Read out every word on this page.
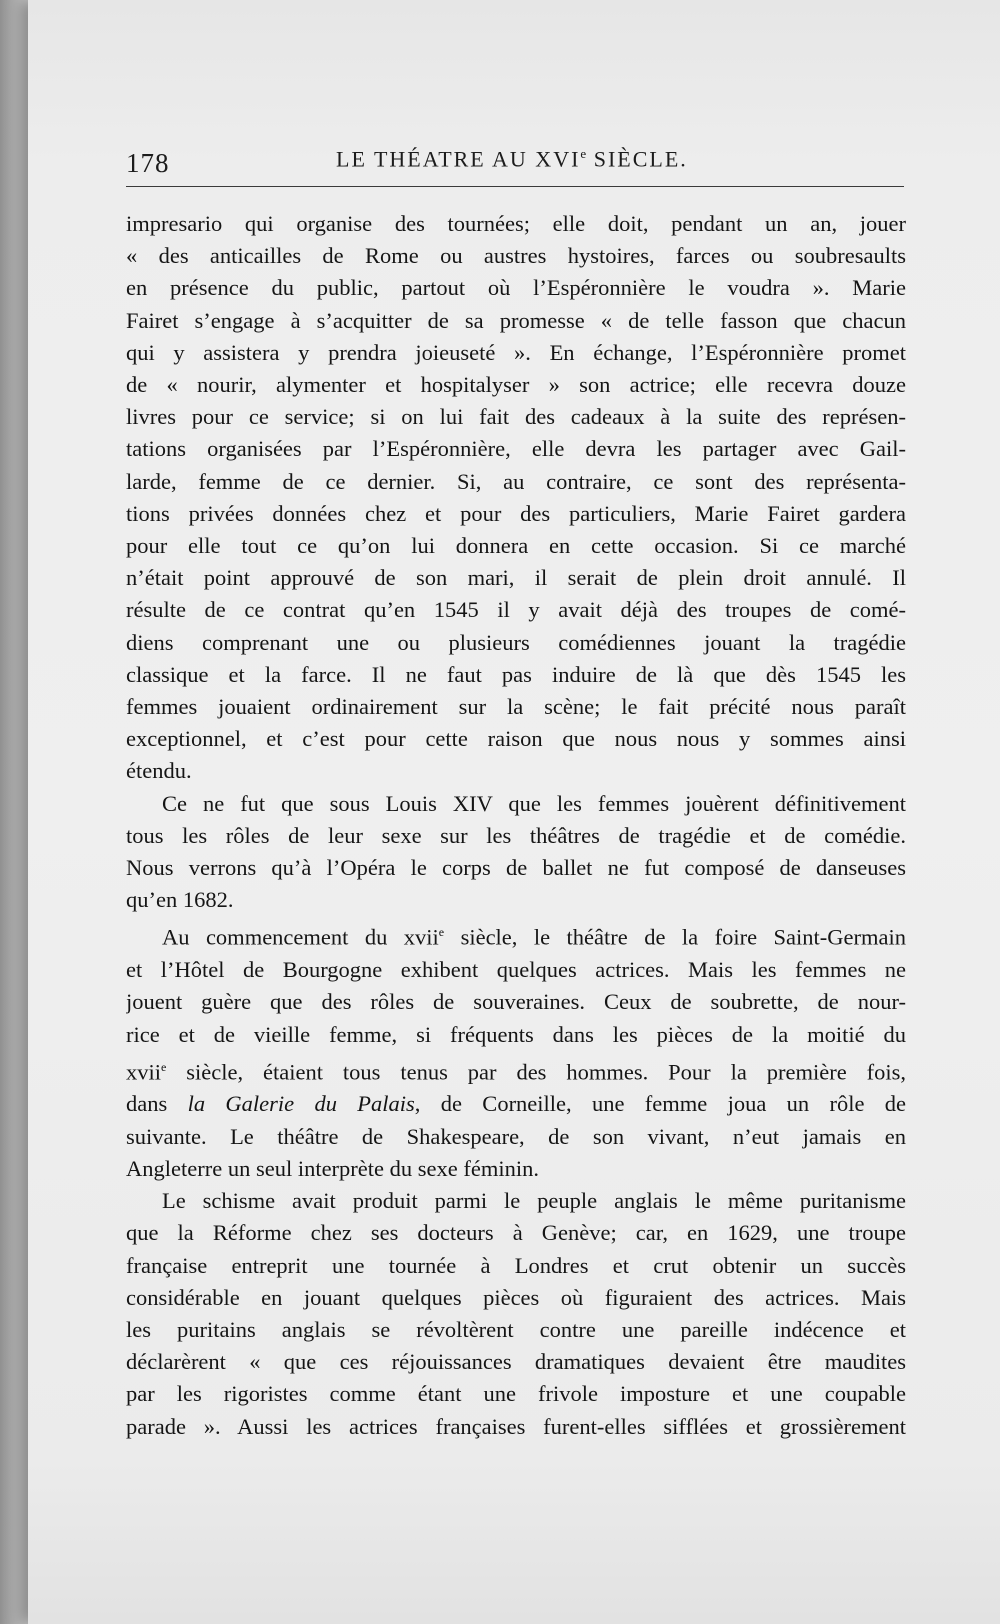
178	LE THÉATRE AU XVIe SIÈCLE.
impresario qui organise des tournées; elle doit, pendant un an, jouer
« des anticailles de Rome ou austres hystoires, farces ou soubresaults
en présence du public, partout où l’Espéronnière le voudra ». Marie
Fairet s’engage à s’acquitter de sa promesse « de telle fasson que chacun
qui y assistera y prendra joieuseté ». En échange, l’Espéronnière promet
de « nourir, alymenter et hospitalyser » son actrice; elle recevra douze
livres pour ce service; si on lui fait des cadeaux à la suite des représen-
tations organisées par l’Espéronnière, elle devra les partager avec Gail-
larde, femme de ce dernier. Si, au contraire, ce sont des représenta-
tions privées données chez et pour des particuliers, Marie Fairet gardera
pour elle tout ce qu’on lui donnera en cette occasion. Si ce marché
n’était point approuvé de son mari, il serait de plein droit annulé. Il
résulte de ce contrat qu’en 1545 il y avait déjà des troupes de comé-
diens comprenant une ou plusieurs comédiennes jouant la tragédie
classique et la farce. Il ne faut pas induire de là que dès 1545 les
femmes jouaient ordinairement sur la scène; le fait précité nous paraît
exceptionnel, et c’est pour cette raison que nous nous y sommes ainsi
étendu.
Ce ne fut que sous Louis XIV que les femmes jouèrent définitivement
tous les rôles de leur sexe sur les théâtres de tragédie et de comédie.
Nous verrons qu’à l’Opéra le corps de ballet ne fut composé de danseuses
qu’en 1682.
Au commencement du xvii$^e$ siècle, le théâtre de la foire Saint-Germain
et l’Hôtel de Bourgogne exhibent quelques actrices. Mais les femmes ne
jouent guère que des rôles de souveraines. Ceux de soubrette, de nour-
rice et de vieille femme, si fréquents dans les pièces de la moitié du
xvii$^e$ siècle, étaient tous tenus par des hommes. Pour la première fois,
dans la Galerie du Palais, de Corneille, une femme joua un rôle de
suivante. Le théâtre de Shakespeare, de son vivant, n’eut jamais en
Angleterre un seul interprète du sexe féminin.
Le schisme avait produit parmi le peuple anglais le même puritanisme
que la Réforme chez ses docteurs à Genève; car, en 1629, une troupe
française entreprit une tournée à Londres et crut obtenir un succès
considérable en jouant quelques pièces où figuraient des actrices. Mais
les puritains anglais se révoltèrent contre une pareille indécence et
déclarèrent « que ces réjouissances dramatiques devaient être maudites
par les rigoristes comme étant une frivole imposture et une coupable
parade ». Aussi les actrices françaises furent-elles sifflées et grossièrement
